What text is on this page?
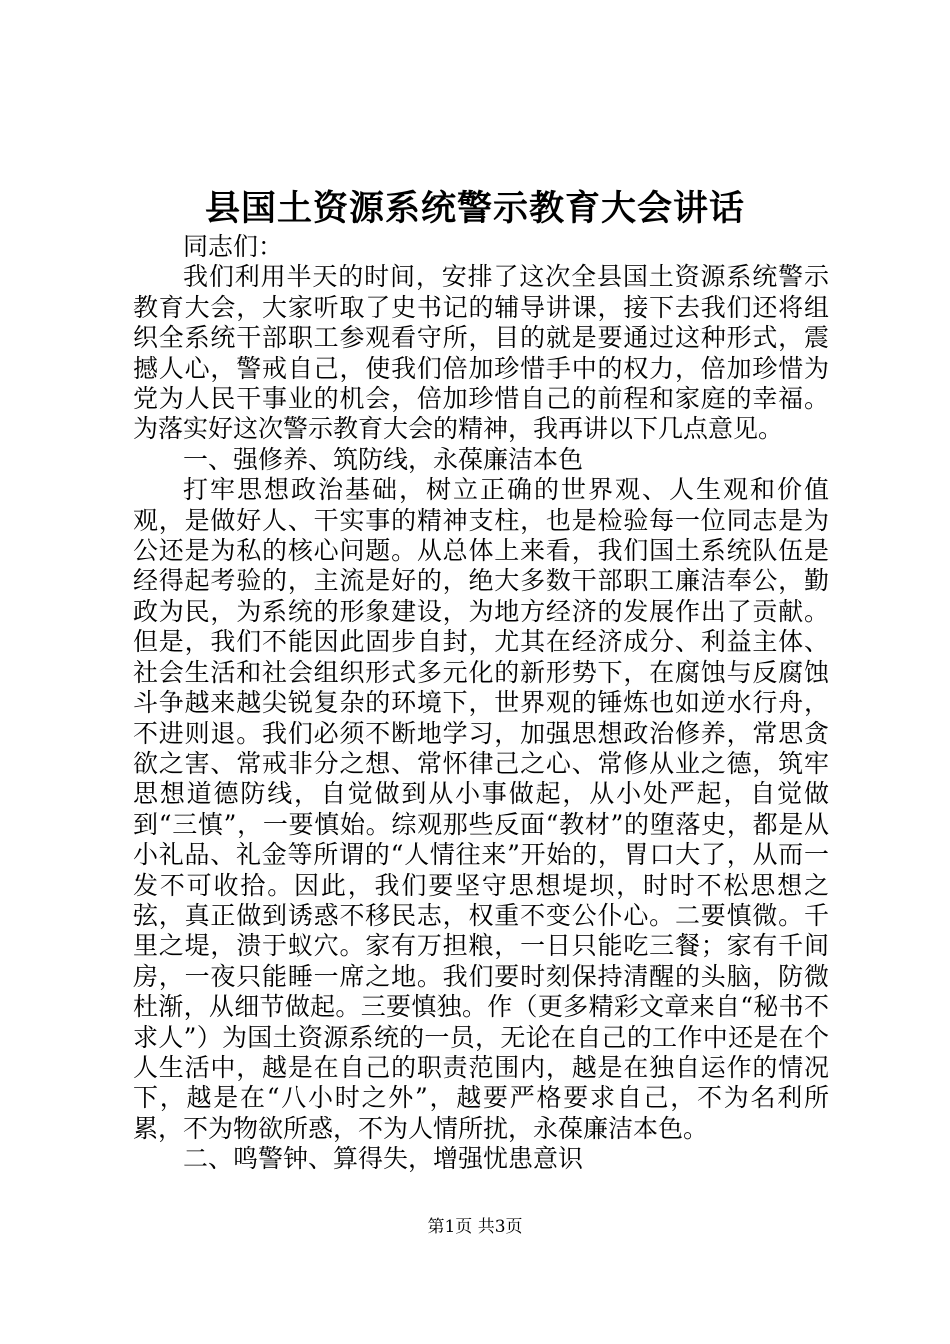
县国土资源系统警示教育大会讲话

同志们：

我们利用半天的时间，安排了这次全县国土资源系统警示教育大会，大家听取了史书记的辅导讲课，接下去我们还将组织全系统干部职工参观看守所，目的就是要通过这种形式，震撼人心，警戒自己，使我们倍加珍惜手中的权力，倍加珍惜为党为人民干事业的机会，倍加珍惜自己的前程和家庭的幸福。为落实好这次警示教育大会的精神，我再讲以下几点意见。

一、强修养、筑防线，永葆廉洁本色

打牢思想政治基础，树立正确的世界观、人生观和价值观，是做好人、干实事的精神支柱，也是检验每一位同志是为公还是为私的核心问题。从总体上来看，我们国土系统队伍是经得起考验的，主流是好的，绝大多数干部职工廉洁奉公，勤政为民，为系统的形象建设，为地方经济的发展作出了贡献。但是，我们不能因此固步自封，尤其在经济成分、利益主体、社会生活和社会组织形式多元化的新形势下，在腐蚀与反腐蚀斗争越来越尖锐复杂的环境下，世界观的锤炼也如逆水行舟，不进则退。我们必须不断地学习，加强思想政治修养，常思贪欲之害、常戒非分之想、常怀律己之心、常修从业之德，筑牢思想道德防线，自觉做到从小事做起，从小处严起，自觉做到“三慎”，一要慎始。综观那些反面“教材”的堕落史，都是从小礼品、礼金等所谓的“人情往来”开始的，胃口大了，从而一发不可收拾。因此，我们要坚守思想堤坝，时时不松思想之弦，真正做到诱惑不移民志，权重不变公仆心。二要慎微。千里之堤，溃于蚁穴。家有万担粮，一日只能吃三餐；家有千间房，一夜只能睡一席之地。我们要时刻保持清醒的头脑，防微杜渐，从细节做起。三要慎独。作（更多精彩文章来自“秘书不求人”）为国土资源系统的一员，无论在自己的工作中还是在个人生活中，越是在自己的职责范围内，越是在独自运作的情况下，越是在“八小时之外”，越要严格要求自己，不为名利所累，不为物欲所惑，不为人情所扰，永葆廉洁本色。

二、鸣警钟、算得失，增强忧患意识

第1页 共3页
